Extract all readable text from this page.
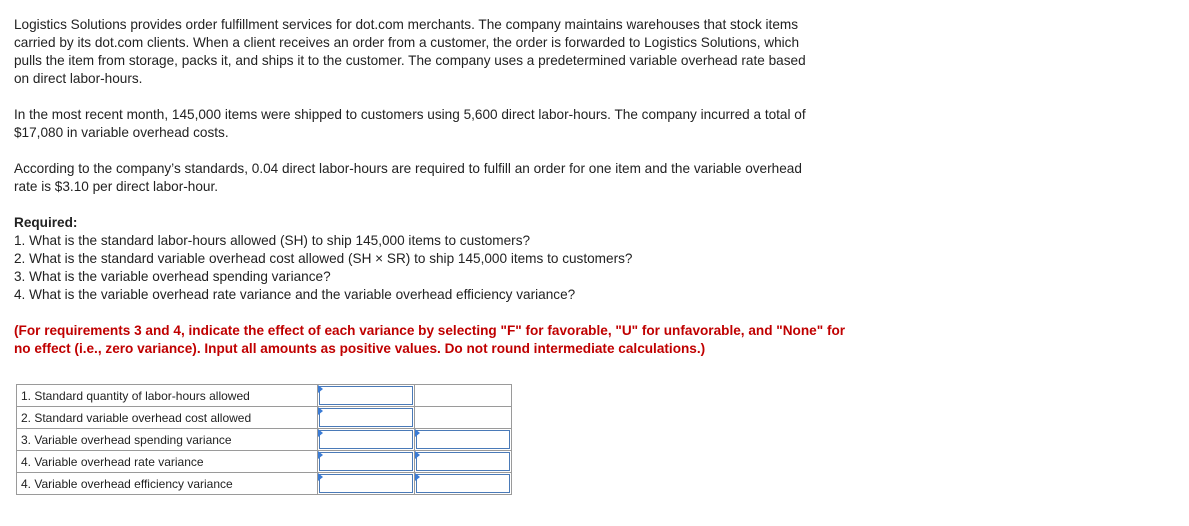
Logistics Solutions provides order fulfillment services for dot.com merchants. The company maintains warehouses that stock items

carried by its dot.com clients. When a client receives an order from a customer, the order is forwarded to Logistics Solutions, which

pulls the item from storage, packs it, and ships it to the customer. The company uses a predetermined variable overhead rate based

on direct labor-hours.

In the most recent month, 145,000 items were shipped to customers using 5,600 direct labor-hours. The company incurred a total of

$17,080 in variable overhead costs.

According to the company’s standards, 0.04 direct labor-hours are required to fulfill an order for one item and the variable overhead

rate is $3.10 per direct labor-hour.

Required:

1. What is the standard labor-hours allowed (SH) to ship 145,000 items to customers?

2. What is the standard variable overhead cost allowed (SH × SR) to ship 145,000 items to customers?

3. What is the variable overhead spending variance?

4. What is the variable overhead rate variance and the variable overhead efficiency variance?

(For requirements 3 and 4, indicate the effect of each variance by selecting "F" for favorable, "U" for unfavorable, and "None" for

no effect (i.e., zero variance). Input all amounts as positive values. Do not round intermediate calculations.)

1. Standard quantity of labor-hours allowed	

2. Standard variable overhead cost allowed	

3. Variable overhead spending variance	

4. Variable overhead rate variance	

4. Variable overhead efficiency variance	
